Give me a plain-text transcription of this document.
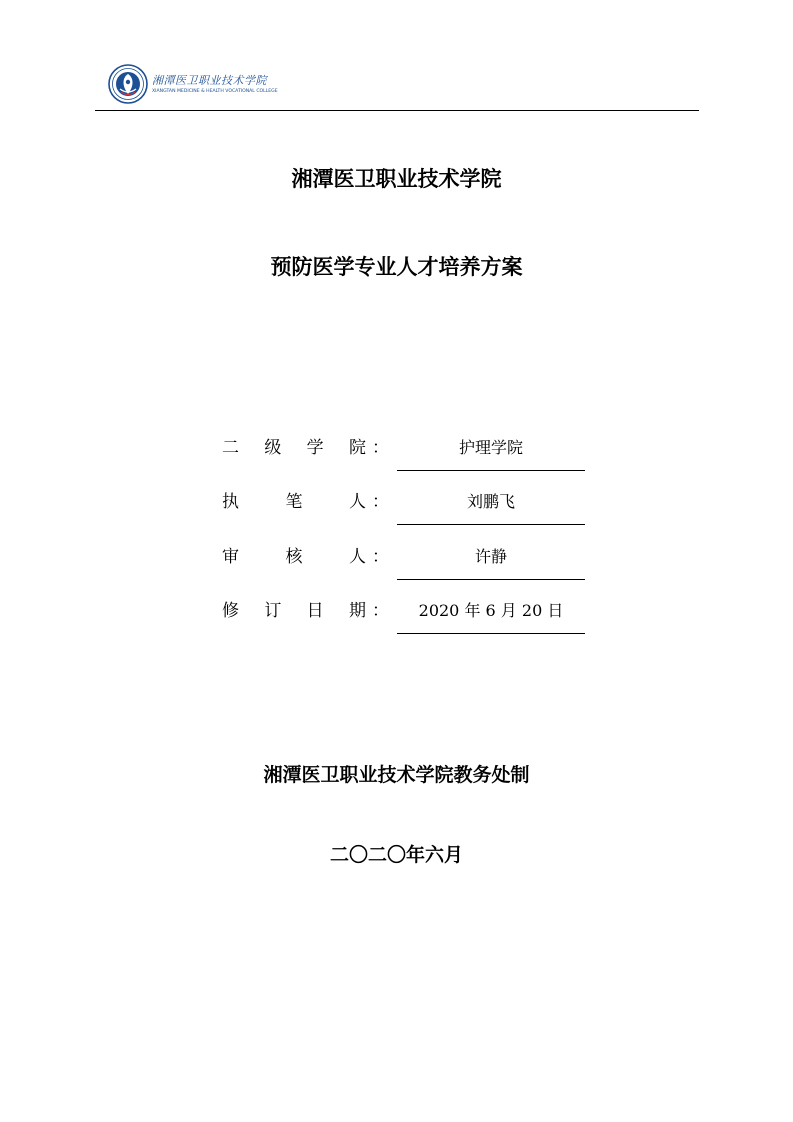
湘潭医卫职业技术学院
XIANGTAN MEDICINE & HEALTH VOCATIONAL COLLEGE
湘潭医卫职业技术学院
预防医学专业人才培养方案
二 级 学 院 ：	护理学院
执	笔	人 ：	刘鹏飞
审	核	人 ：	许静
修 订 日 期 ：	2020 年 6 月 20 日
湘潭医卫职业技术学院教务处制
二〇二〇年六月
